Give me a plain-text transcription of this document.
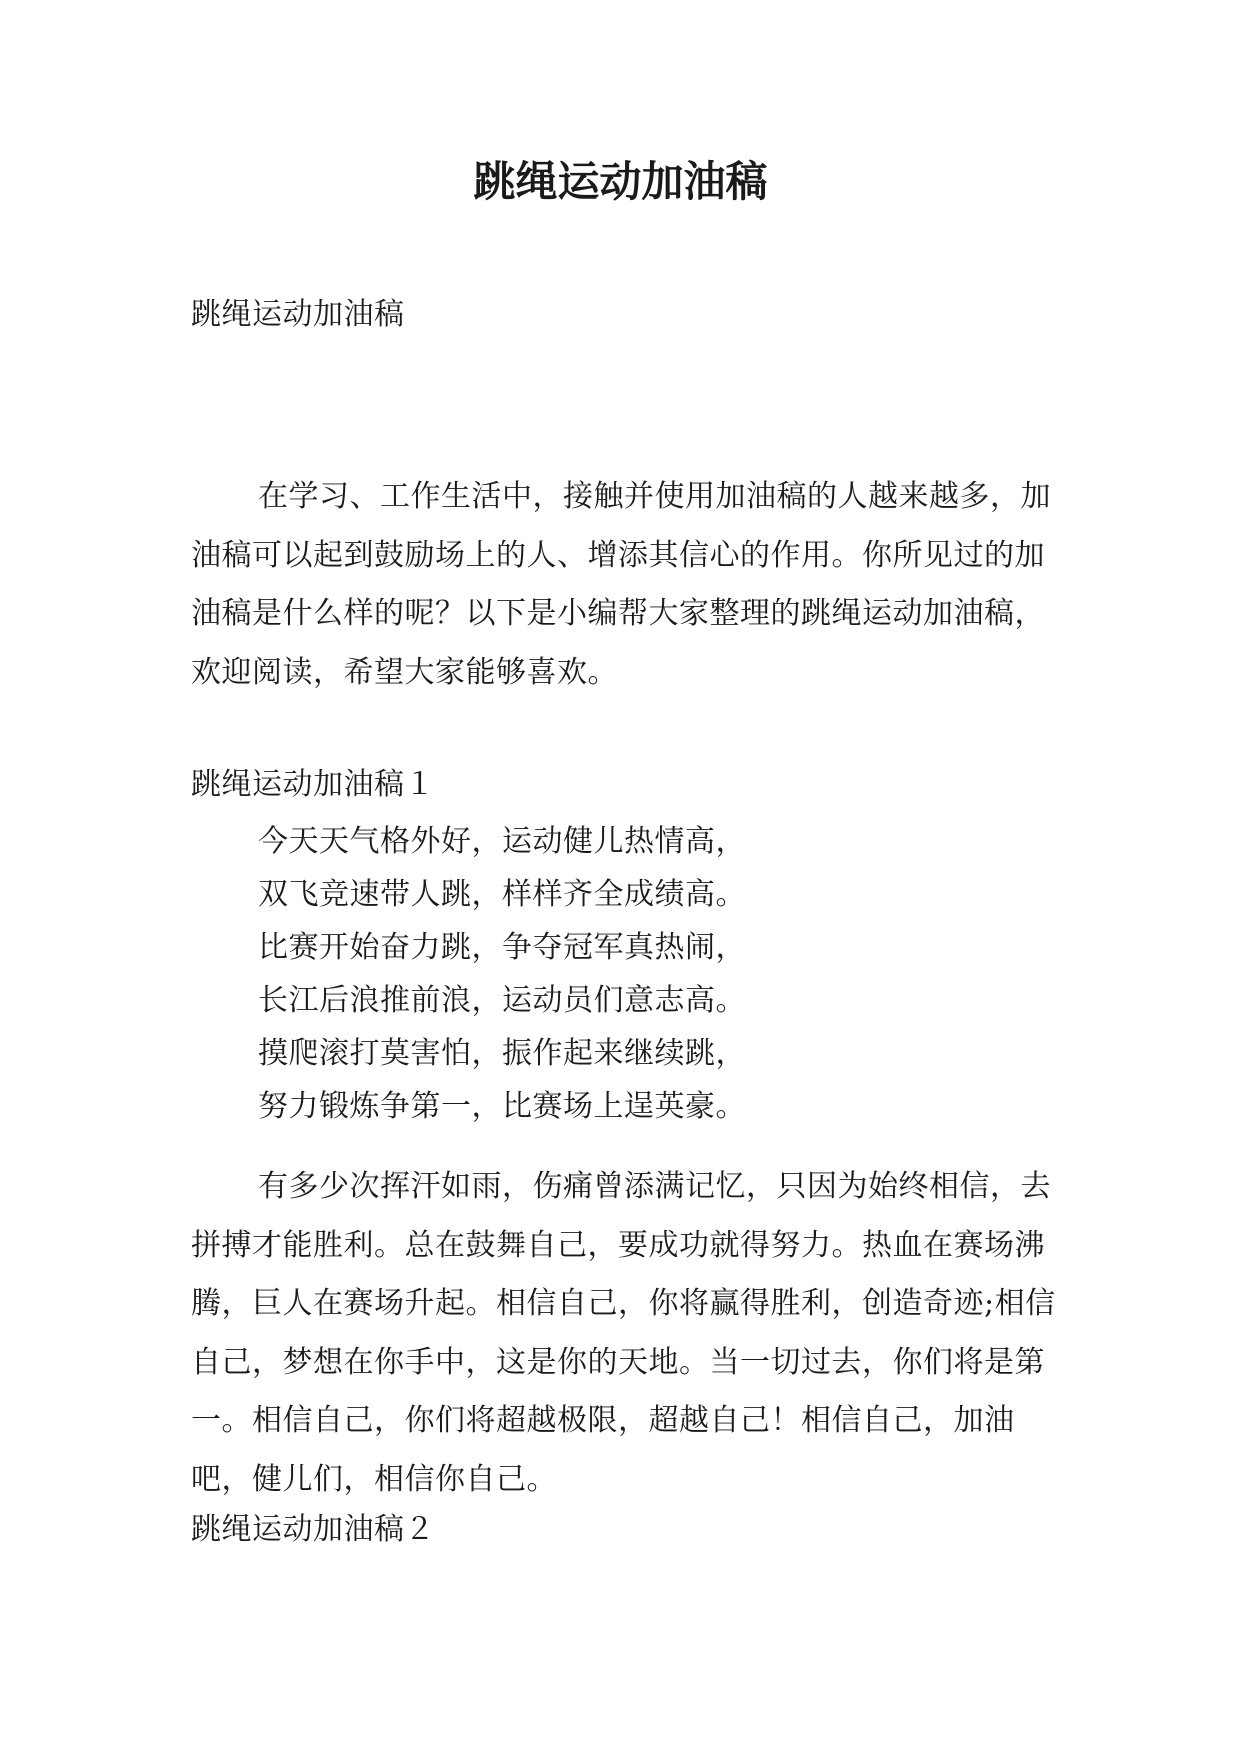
跳绳运动加油稿

跳绳运动加油稿

在学习、工作生活中，接触并使用加油稿的人越来越多，加油稿可以起到鼓励场上的人、增添其信心的作用。你所见过的加油稿是什么样的呢？以下是小编帮大家整理的跳绳运动加油稿，欢迎阅读，希望大家能够喜欢。

跳绳运动加油稿１

今天天气格外好，运动健儿热情高，
双飞竞速带人跳，样样齐全成绩高。
比赛开始奋力跳，争夺冠军真热闹，
长江后浪推前浪，运动员们意志高。
摸爬滚打莫害怕，振作起来继续跳，
努力锻炼争第一，比赛场上逞英豪。

有多少次挥汗如雨，伤痛曾添满记忆，只因为始终相信，去拼搏才能胜利。总在鼓舞自己，要成功就得努力。热血在赛场沸腾，巨人在赛场升起。相信自己，你将赢得胜利，创造奇迹;相信自己，梦想在你手中，这是你的天地。当一切过去，你们将是第一。相信自己，你们将超越极限，超越自己！相信自己，加油吧，健儿们，相信你自己。

跳绳运动加油稿２
